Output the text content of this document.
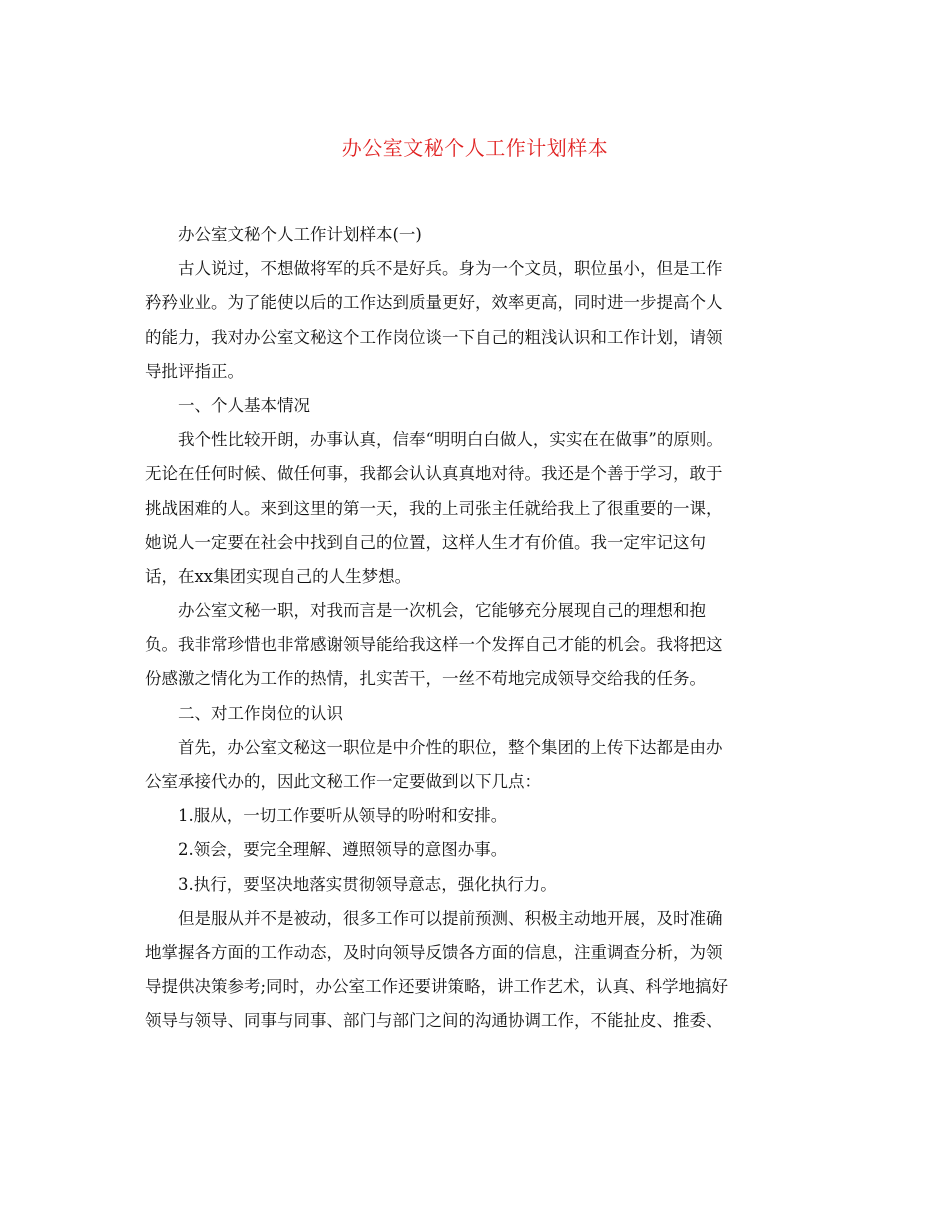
办公室文秘个人工作计划样本
办公室文秘个人工作计划样本(一)
古人说过，不想做将军的兵不是好兵。身为一个文员，职位虽小，但是工作
矜矜业业。为了能使以后的工作达到质量更好，效率更高，同时进一步提高个人
的能力，我对办公室文秘这个工作岗位谈一下自己的粗浅认识和工作计划，请领
导批评指正。
一、个人基本情况
我个性比较开朗，办事认真，信奉“明明白白做人，实实在在做事”的原则。
无论在任何时候、做任何事，我都会认认真真地对待。我还是个善于学习，敢于
挑战困难的人。来到这里的第一天，我的上司张主任就给我上了很重要的一课，
她说人一定要在社会中找到自己的位置，这样人生才有价值。我一定牢记这句
话，在xx集团实现自己的人生梦想。
办公室文秘一职，对我而言是一次机会，它能够充分展现自己的理想和抱
负。我非常珍惜也非常感谢领导能给我这样一个发挥自己才能的机会。我将把这
份感激之情化为工作的热情，扎实苦干，一丝不苟地完成领导交给我的任务。
二、对工作岗位的认识
首先，办公室文秘这一职位是中介性的职位，整个集团的上传下达都是由办
公室承接代办的，因此文秘工作一定要做到以下几点：
1.服从，一切工作要听从领导的吩咐和安排。
2.领会，要完全理解、遵照领导的意图办事。
3.执行，要坚决地落实贯彻领导意志，强化执行力。
但是服从并不是被动，很多工作可以提前预测、积极主动地开展，及时准确
地掌握各方面的工作动态，及时向领导反馈各方面的信息，注重调查分析，为领
导提供决策参考;同时，办公室工作还要讲策略，讲工作艺术，认真、科学地搞好
领导与领导、同事与同事、部门与部门之间的沟通协调工作，不能扯皮、推委、
